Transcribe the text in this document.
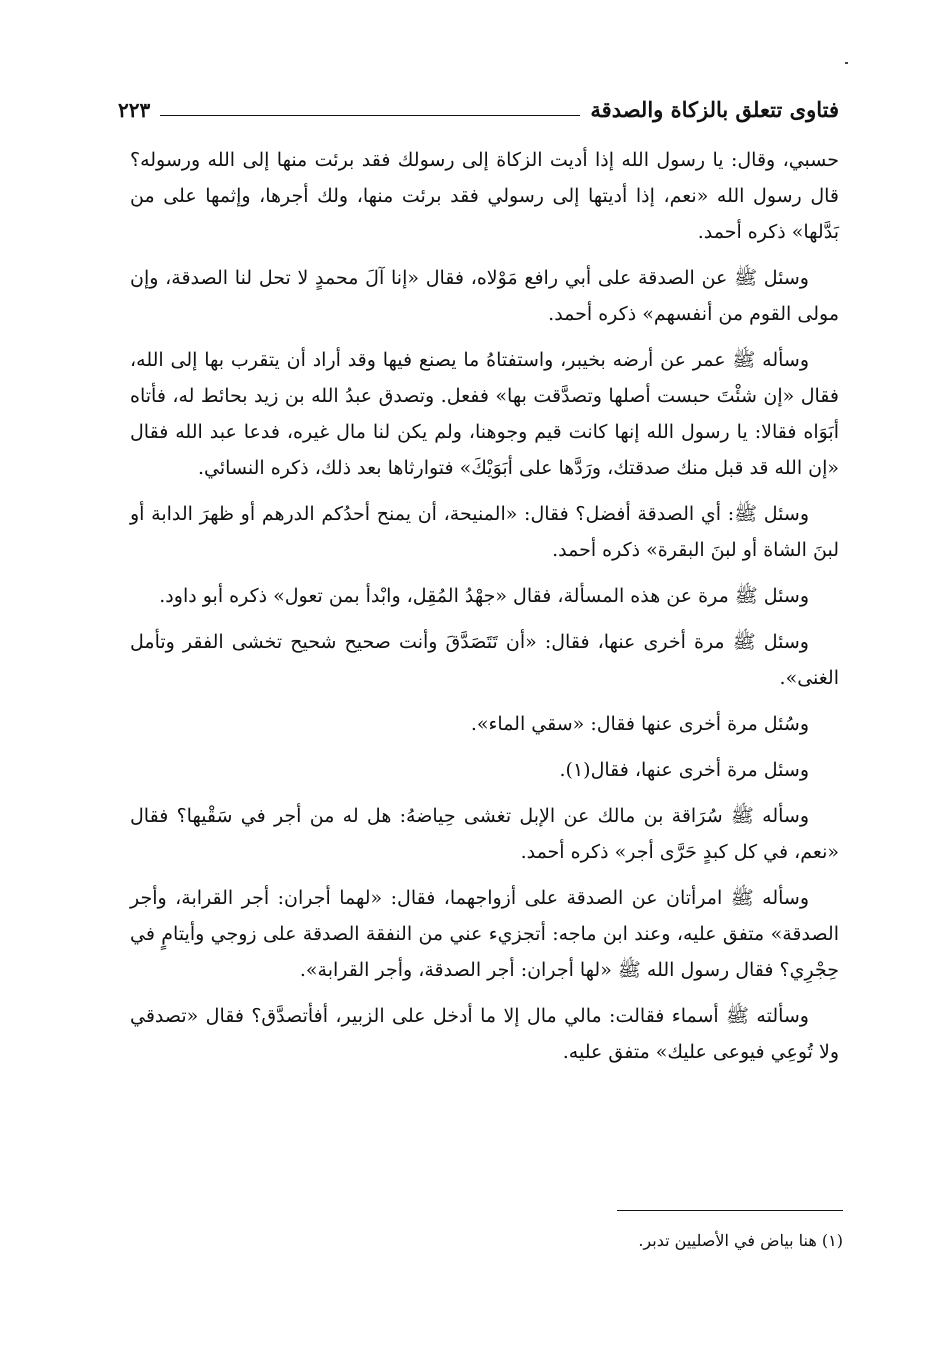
فتاوى تتعلق بالزكاة والصدقة
٢٢٣

حسبي، وقال: يا رسول الله إذا أديت الزكاة إلى رسولك فقد برئت منها إلى الله ورسوله؟ قال رسول الله «نعم، إذا أديتها إلى رسولي فقد برئت منها، ولك أجرها، وإثمها على من بَدَّلها» ذكره أحمد.

وسئل ﷺ عن الصدقة على أبي رافع مَوْلاه، فقال «إنا آلَ محمدٍ لا تحل لنا الصدقة، وإن مولى القوم من أنفسهم» ذكره أحمد.

وسأله ﷺ عمر عن أرضه بخيبر، واستفتاهُ ما يصنع فيها وقد أراد أن يتقرب بها إلى الله، فقال «إن شئْتَ حبست أصلها وتصدَّقت بها» ففعل. وتصدق عبدُ الله بن زيد بحائط له، فأتاه أبَوَاه فقالا: يا رسول الله إنها كانت قيم وجوهنا، ولم يكن لنا مال غيره، فدعا عبد الله فقال «إن الله قد قبل منك صدقتك، ورَدَّها على أبَوَيْكَ» فتوارثاها بعد ذلك، ذكره النسائي.

وسئل ﷺ: أي الصدقة أفضل؟ فقال: «المنيحة، أن يمنح أحدُكم الدرهم أو ظهرَ الدابة أو لبنَ الشاة أو لبنَ البقرة» ذكره أحمد.

وسئل ﷺ مرة عن هذه المسألة، فقال «جهْدُ المُقِل، وابْدأ بمن تعول» ذكره أبو داود.

وسئل ﷺ مرة أخرى عنها، فقال: «أن تَتَصَدَّقَ وأنت صحيح شحيح تخشى الفقر وتأمل الغنى».

وسُئل مرة أخرى عنها فقال: «سقي الماء».

وسئل مرة أخرى عنها، فقال(١).

وسأله ﷺ سُرَاقة بن مالك عن الإبل تغشى حِياضهُ: هل له من أجر في سَقْيها؟ فقال «نعم، في كل كبدٍ حَرَّى أجر» ذكره أحمد.

وسأله ﷺ امرأتان عن الصدقة على أزواجهما، فقال: «لهما أجران: أجر القرابة، وأجر الصدقة» متفق عليه، وعند ابن ماجه: أتجزيء عني من النفقة الصدقة على زوجي وأيتامٍ في حِجْرِي؟ فقال رسول الله ﷺ «لها أجران: أجر الصدقة، وأجر القرابة».

وسألته ﷺ أسماء فقالت: مالي مال إلا ما أدخل على الزبير، أفأتصدَّق؟ فقال «تصدقي ولا تُوعِي فيوعى عليك» متفق عليه.

(١) هنا بياض في الأصليين تدبر.
